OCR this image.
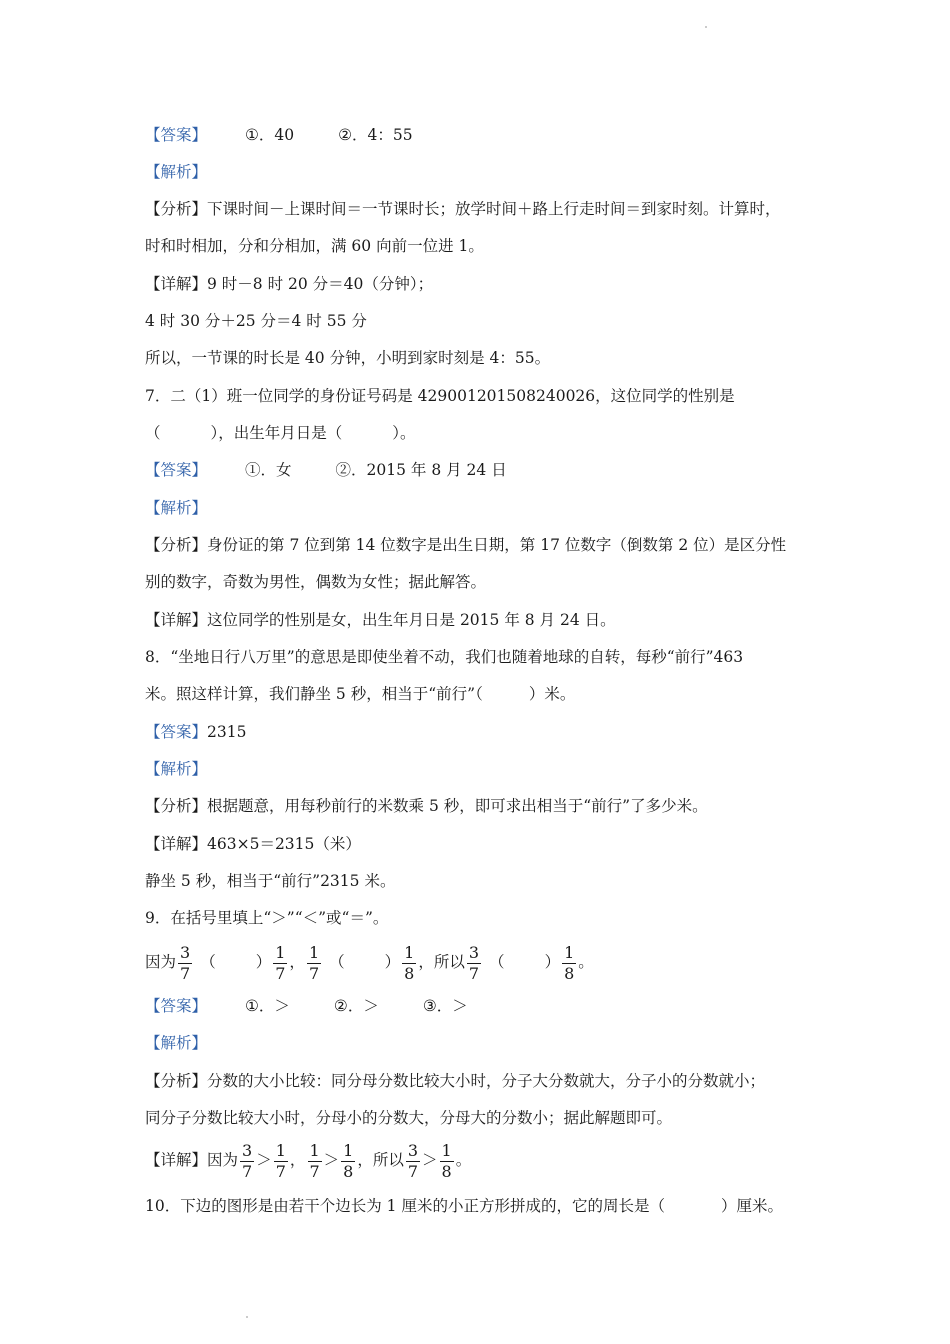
【答案】 ①．40	②．4：55
【解析】
【分析】下课时间－上课时间＝一节课时长；放学时间＋路上行走时间＝到家时刻。计算时，
时和时相加，分和分相加，满 60 向前一位进 1。
【详解】9 时－8 时 20 分＝40（分钟）；
4 时 30 分＋25 分＝4 时 55 分
所以，一节课的时长是 40 分钟，小明到家时刻是 4：55。
7．二（1）班一位同学的身份证号码是 429001201508240026，这位同学的性别是
（	），出生年月日是（	）。
【答案】 ①．女	②．2015 年 8 月 24 日
【解析】
【分析】身份证的第 7 位到第 14 位数字是出生日期，第 17 位数字（倒数第 2 位）是区分性
别的数字，奇数为男性，偶数为女性；据此解答。
【详解】这位同学的性别是女，出生年月日是 2015 年 8 月 24 日。
8．“坐地日行八万里”的意思是即使坐着不动，我们也随着地球的自转，每秒“前行”463
米。照这样计算，我们静坐 5 秒，相当于“前行”（	）米。
【答案】2315
【解析】
【分析】根据题意，用每秒前行的米数乘 5 秒，即可求出相当于“前行”了多少米。
【详解】463×5＝2315（米）
静坐 5 秒，相当于“前行”2315 米。
9．在括号里填上“＞”“＜”或“＝”。
因为 $\frac{3}{7}$ （	） $\frac{1}{7}$ ， $\frac{1}{7}$ （	） $\frac{1}{8}$ ，所以 $\frac{3}{7}$ （	） $\frac{1}{8}$ 。
【答案】 ①．＞	②．＞	③．＞
【解析】
【分析】分数的大小比较：同分母分数比较大小时，分子大分数就大，分子小的分数就小；
同分子分数比较大小时，分母小的分数大，分母大的分数小；据此解题即可。
【详解】因为 $\frac{3}{7} > \frac{1}{7}$ ， $\frac{1}{7} > \frac{1}{8}$ ，所以 $\frac{3}{7} > \frac{1}{8}$ 。
10．下边的图形是由若干个边长为 1 厘米的小正方形拼成的，它的周长是（	）厘米。
